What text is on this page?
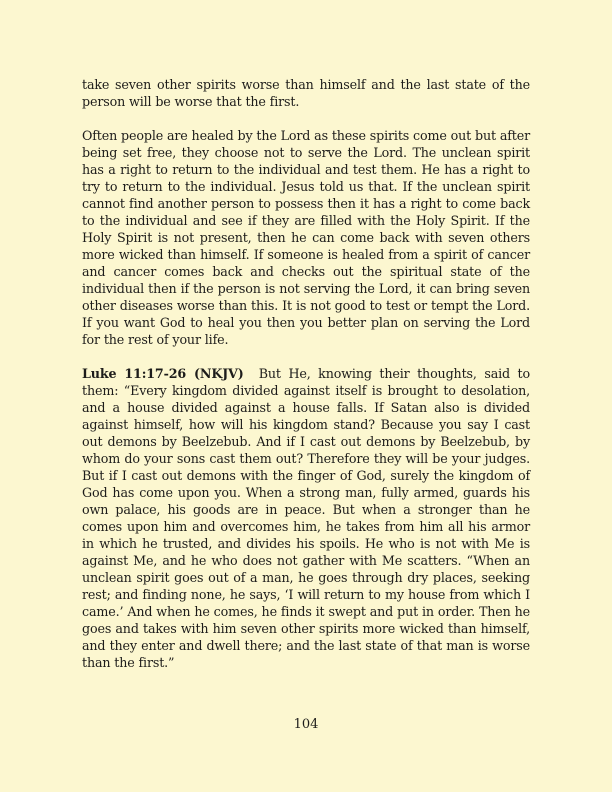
take seven other spirits worse than himself and the last state of the person will be worse that the first.

Often people are healed by the Lord as these spirits come out but after being set free, they choose not to serve the Lord. The unclean spirit has a right to return to the individual and test them. He has a right to try to return to the individual. Jesus told us that. If the unclean spirit cannot find another person to possess then it has a right to come back to the individual and see if they are filled with the Holy Spirit. If the Holy Spirit is not present, then he can come back with seven others more wicked than himself. If someone is healed from a spirit of cancer and cancer comes back and checks out the spiritual state of the individual then if the person is not serving the Lord, it can bring seven other diseases worse than this. It is not good to test or tempt the Lord. If you want God to heal you then you better plan on serving the Lord for the rest of your life.

Luke 11:17-26 (NKJV)  But He, knowing their thoughts, said to them: “Every kingdom divided against itself is brought to desolation, and a house divided against a house falls. If Satan also is divided against himself, how will his kingdom stand? Because you say I cast out demons by Beelzebub. And if I cast out demons by Beelzebub, by whom do your sons cast them out? Therefore they will be your judges. But if I cast out demons with the finger of God, surely the kingdom of God has come upon you. When a strong man, fully armed, guards his own palace, his goods are in peace. But when a stronger than he comes upon him and overcomes him, he takes from him all his armor in which he trusted, and divides his spoils. He who is not with Me is against Me, and he who does not gather with Me scatters. “When an unclean spirit goes out of a man, he goes through dry places, seeking rest; and finding none, he says, ‘I will return to my house from which I came.’ And when he comes, he finds it swept and put in order. Then he goes and takes with him seven other spirits more wicked than himself, and they enter and dwell there; and the last state of that man is worse than the first.”

104
